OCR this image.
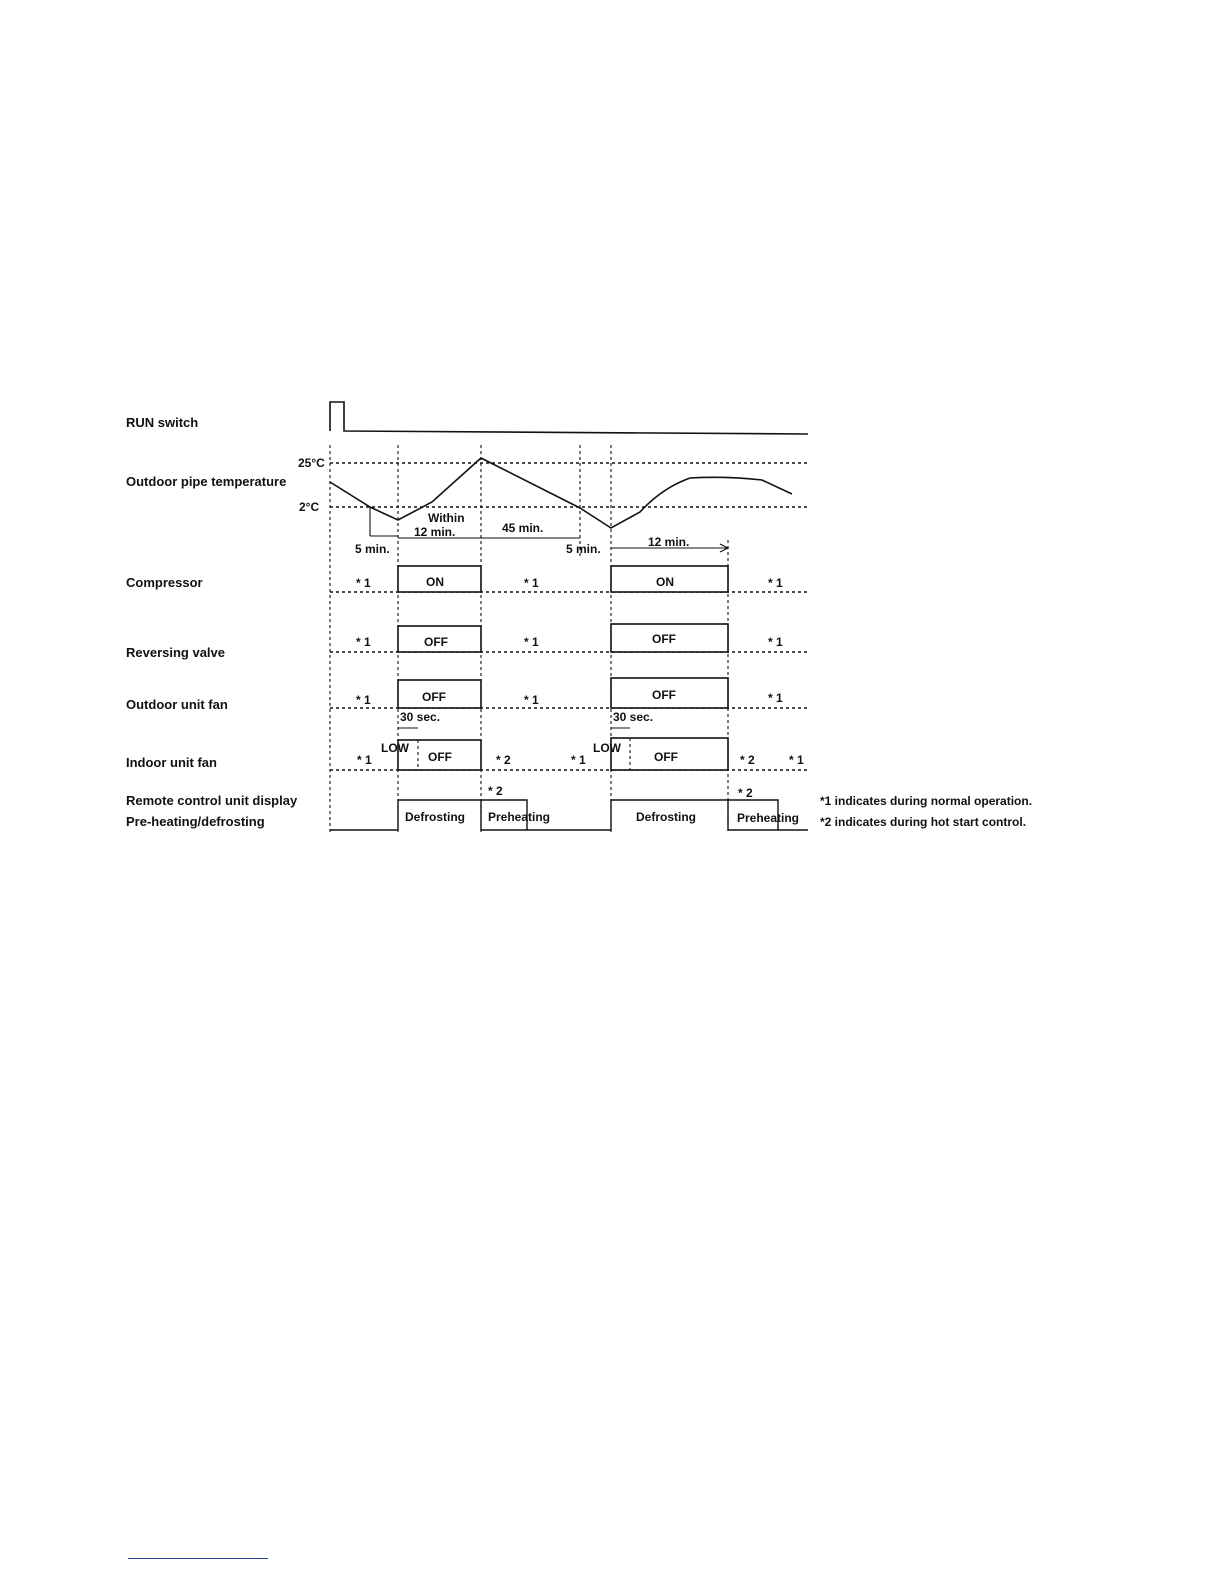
RUN switch
Outdoor pipe temperature
Compressor
Reversing valve
Outdoor unit fan
Indoor unit fan
Remote control unit display
Pre-heating/defrosting
25°C
2°C
5 min.
Within
12 min.	45 min.
5 min.	12 min.
ON	ON
* 1	* 1	* 1
OFF	OFF
* 1	* 1	* 1
OFF	OFF
* 1	* 1	* 1
30 sec.	30 sec.
LOW	LOW
OFF	OFF
* 1	* 2	* 1	* 2	* 1
* 2	* 2
Defrosting Preheating	Defrosting	Preheating
*1 indicates during normal operation.
*2 indicates during hot start control.
